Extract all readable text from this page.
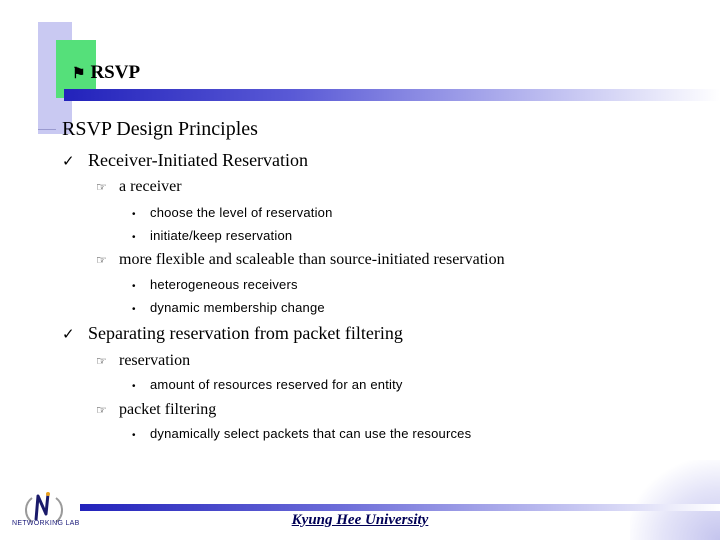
⚑ RSVP
RSVP Design Principles
✓ Receiver-Initiated Reservation
☞ a receiver
•	choose the level of reservation
•	initiate/keep reservation
☞ more flexible and scaleable than source-initiated reservation
•	heterogeneous receivers
•	dynamic membership change
✓ Separating reservation from packet filtering
☞ reservation
•	amount of resources reserved for an entity
☞ packet filtering
•	dynamically select packets that can use the resources
NETWORKING LAB	Kyung Hee University
